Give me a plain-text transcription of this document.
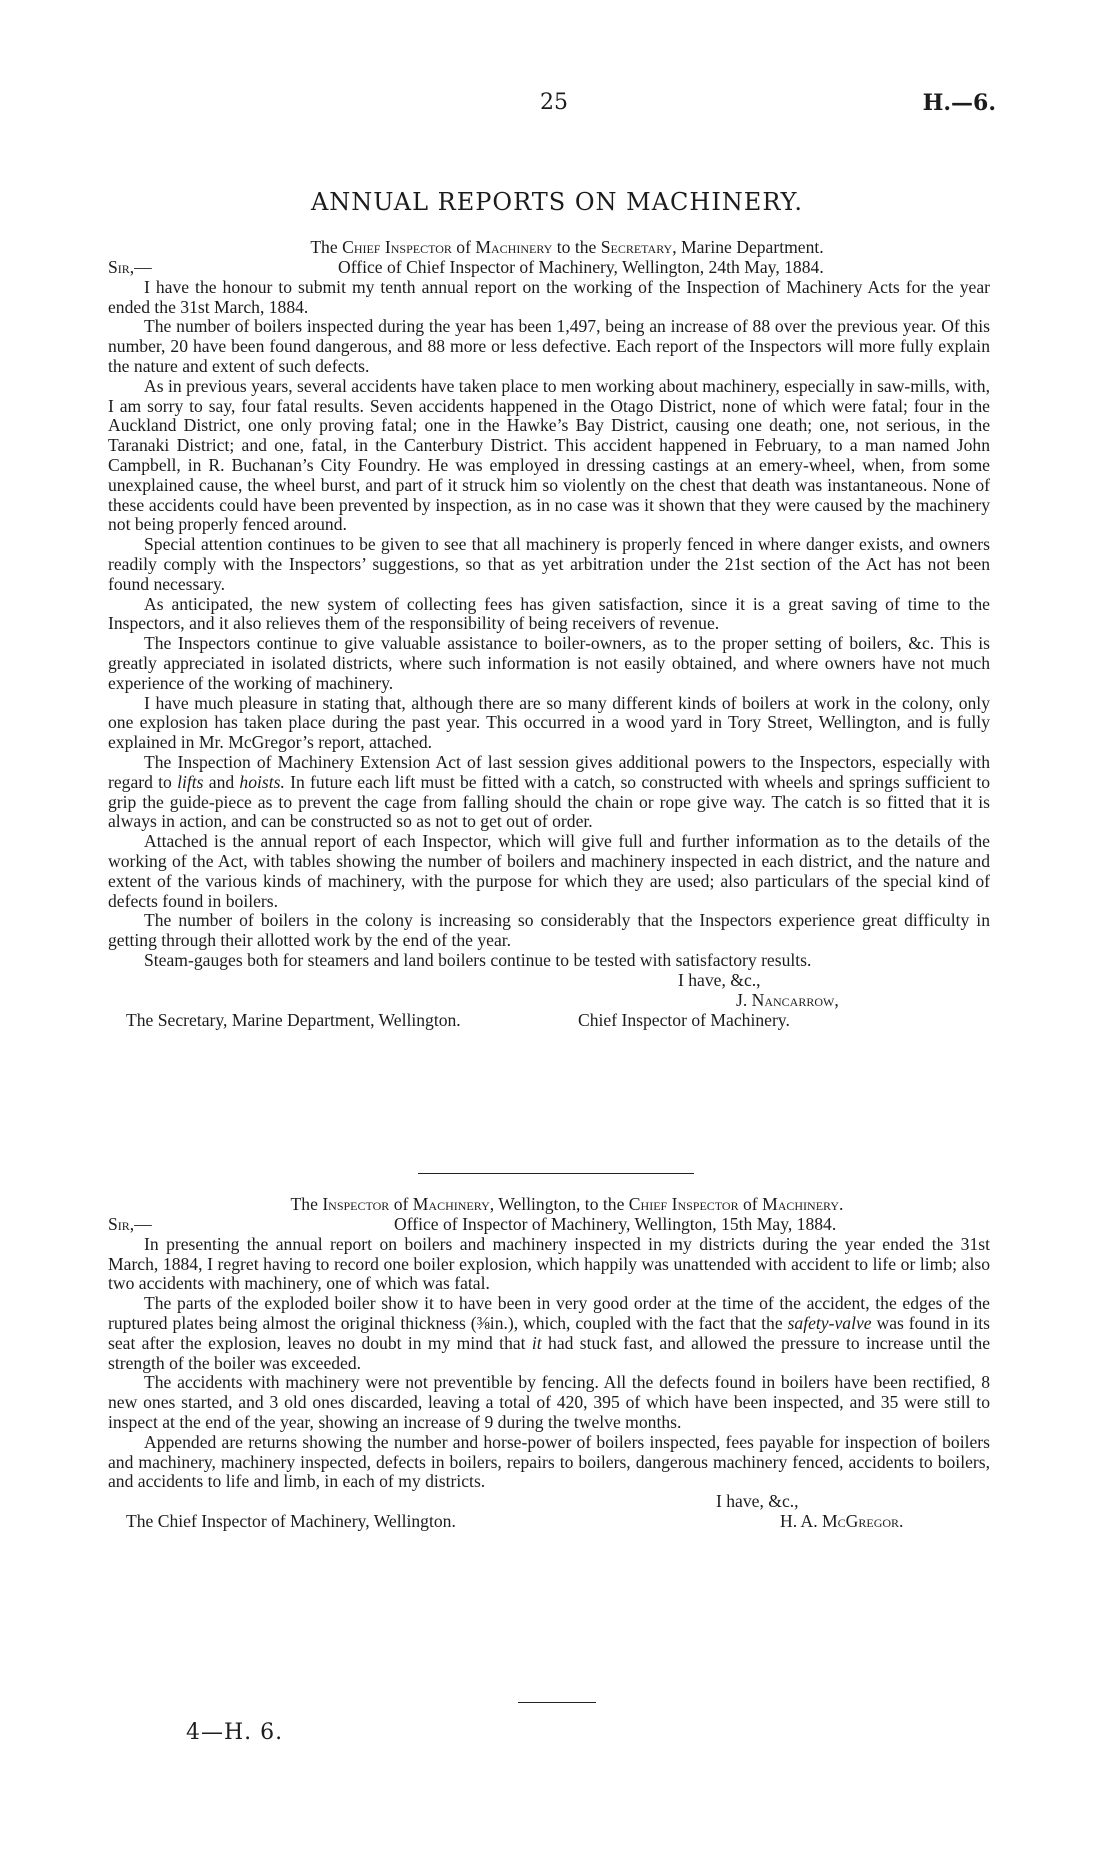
25	H.—6.
ANNUAL REPORTS ON MACHINERY.

The Chief Inspector of Machinery to the Secretary, Marine Department.

Sir,—	Office of Chief Inspector of Machinery, Wellington, 24th May, 1884.

I have the honour to submit my tenth annual report on the working of the Inspection of Machinery Acts for the year ended the 31st March, 1884.

The number of boilers inspected during the year has been 1,497, being an increase of 88 over the previous year. Of this number, 20 have been found dangerous, and 88 more or less defective. Each report of the Inspectors will more fully explain the nature and extent of such defects.

As in previous years, several accidents have taken place to men working about machinery, especially in saw-mills, with, I am sorry to say, four fatal results. Seven accidents happened in the Otago District, none of which were fatal; four in the Auckland District, one only proving fatal; one in the Hawke’s Bay District, causing one death; one, not serious, in the Taranaki District; and one, fatal, in the Canterbury District. This accident happened in February, to a man named John Campbell, in R. Buchanan’s City Foundry. He was employed in dressing castings at an emery-wheel, when, from some unexplained cause, the wheel burst, and part of it struck him so violently on the chest that death was instantaneous. None of these accidents could have been prevented by inspection, as in no case was it shown that they were caused by the machinery not being properly fenced around.

Special attention continues to be given to see that all machinery is properly fenced in where danger exists, and owners readily comply with the Inspectors’ suggestions, so that as yet arbitration under the 21st section of the Act has not been found necessary.

As anticipated, the new system of collecting fees has given satisfaction, since it is a great saving of time to the Inspectors, and it also relieves them of the responsibility of being receivers of revenue.

The Inspectors continue to give valuable assistance to boiler-owners, as to the proper setting of boilers, &c. This is greatly appreciated in isolated districts, where such information is not easily obtained, and where owners have not much experience of the working of machinery.

I have much pleasure in stating that, although there are so many different kinds of boilers at work in the colony, only one explosion has taken place during the past year. This occurred in a wood yard in Tory Street, Wellington, and is fully explained in Mr. McGregor’s report, attached.

The Inspection of Machinery Extension Act of last session gives additional powers to the Inspectors, especially with regard to lifts and hoists. In future each lift must be fitted with a catch, so constructed with wheels and springs sufficient to grip the guide-piece as to prevent the cage from falling should the chain or rope give way. The catch is so fitted that it is always in action, and can be constructed so as not to get out of order.

Attached is the annual report of each Inspector, which will give full and further information as to the details of the working of the Act, with tables showing the number of boilers and machinery inspected in each district, and the nature and extent of the various kinds of machinery, with the purpose for which they are used; also particulars of the special kind of defects found in boilers.

The number of boilers in the colony is increasing so considerably that the Inspectors experience great difficulty in getting through their allotted work by the end of the year.

Steam-gauges both for steamers and land boilers continue to be tested with satisfactory results.

I have, &c.,
J. Nancarrow,
The Secretary, Marine Department, Wellington.	Chief Inspector of Machinery.

The Inspector of Machinery, Wellington, to the Chief Inspector of Machinery.

Sir,—	Office of Inspector of Machinery, Wellington, 15th May, 1884.

In presenting the annual report on boilers and machinery inspected in my districts during the year ended the 31st March, 1884, I regret having to record one boiler explosion, which happily was unattended with accident to life or limb; also two accidents with machinery, one of which was fatal.

The parts of the exploded boiler show it to have been in very good order at the time of the accident, the edges of the ruptured plates being almost the original thickness (⅜in.), which, coupled with the fact that the safety-valve was found in its seat after the explosion, leaves no doubt in my mind that it had stuck fast, and allowed the pressure to increase until the strength of the boiler was exceeded.

The accidents with machinery were not preventible by fencing. All the defects found in boilers have been rectified, 8 new ones started, and 3 old ones discarded, leaving a total of 420, 395 of which have been inspected, and 35 were still to inspect at the end of the year, showing an increase of 9 during the twelve months.

Appended are returns showing the number and horse-power of boilers inspected, fees payable for inspection of boilers and machinery, machinery inspected, defects in boilers, repairs to boilers, dangerous machinery fenced, accidents to boilers, and accidents to life and limb, in each of my districts.

I have, &c.,
The Chief Inspector of Machinery, Wellington.	H. A. McGregor.
4—H. 6.
